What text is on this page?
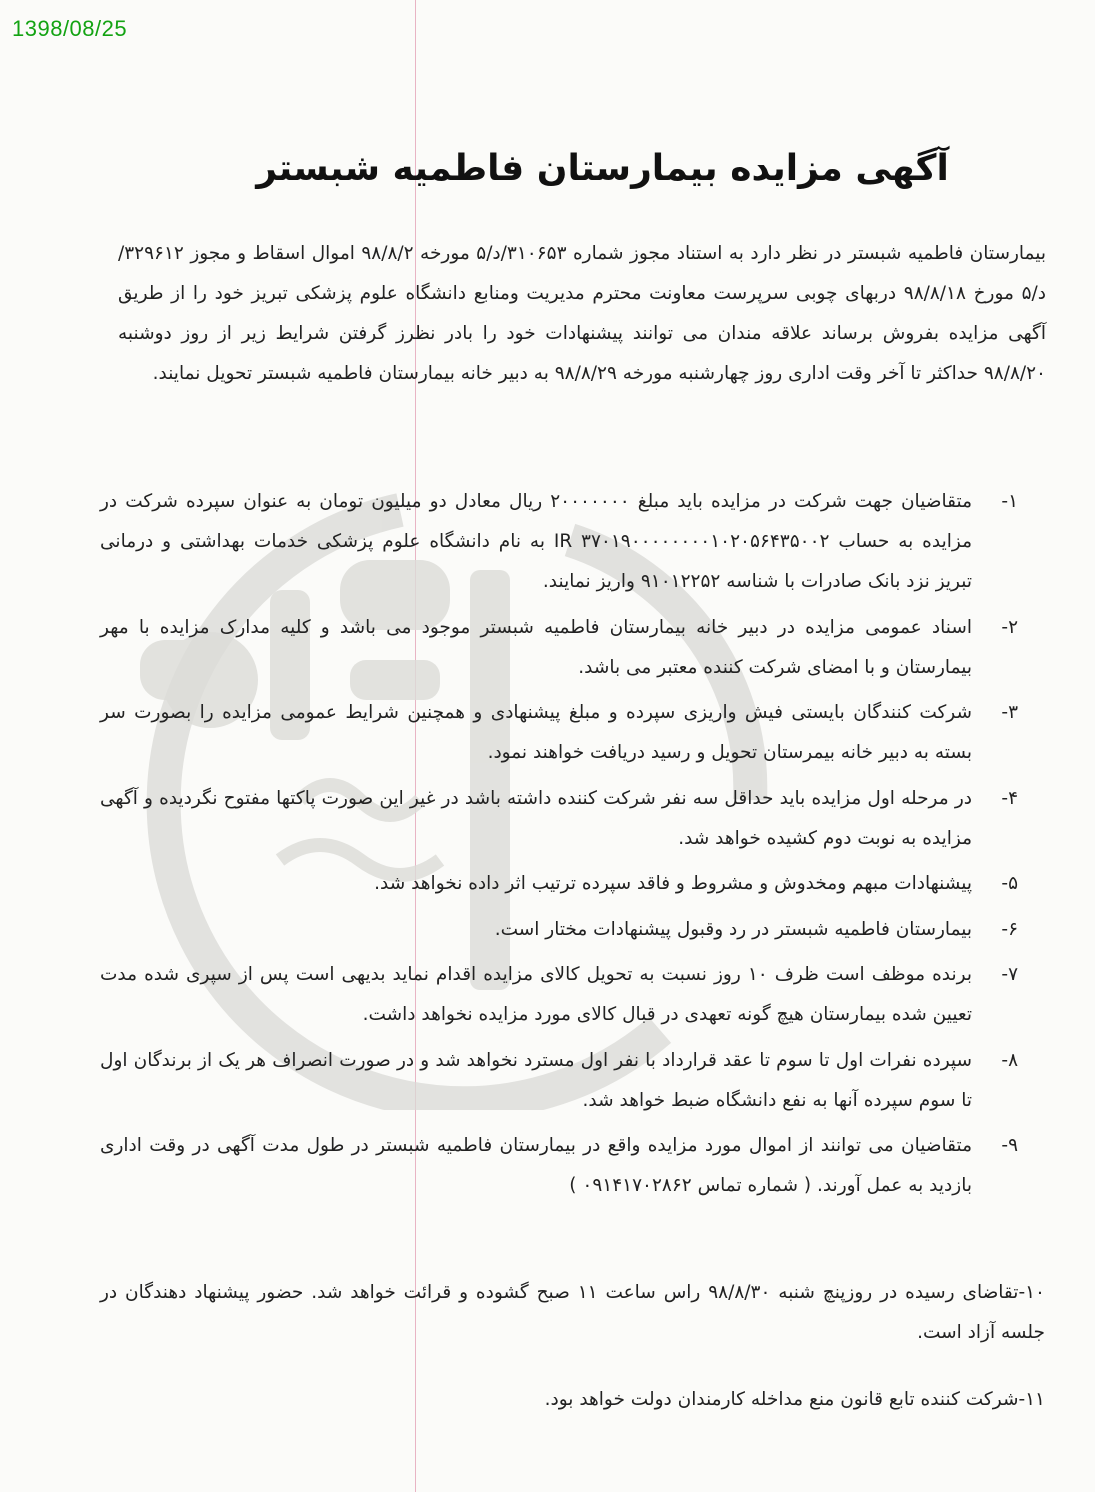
1398/08/25
آگهی مزایده بیمارستان فاطمیه شبستر
بیمارستان فاطمیه شبستر در نظر دارد به استناد مجوز شماره ۳۱۰۶۵۳/د/۵ مورخه ۹۸/۸/۲ اموال اسقاط و مجوز ۳۲۹۶۱۲/د/۵ مورخ ۹۸/۸/۱۸ دربهای چوبی سرپرست معاونت محترم مدیریت ومنابع دانشگاه علوم پزشکی تبریز خود را از طریق آگهی مزایده بفروش برساند علاقه مندان می توانند پیشنهادات خود را بادر نظرز گرفتن شرایط زیر از روز دوشنبه ۹۸/۸/۲۰ حداکثر تا آخر وقت اداری روز چهارشنبه مورخه ۹۸/۸/۲۹ به دبیر خانه بیمارستان فاطمیه شبستر تحویل نمایند.
۱-
متقاضیان جهت شرکت در مزایده باید مبلغ ۲۰۰۰۰۰۰۰ ریال معادل دو میلیون تومان به عنوان سپرده شرکت در مزایده به حساب IR ۳۷۰۱۹۰۰۰۰۰۰۰۰۱۰۲۰۵۶۴۳۵۰۰۲ به نام دانشگاه علوم پزشکی خدمات بهداشتی و درمانی تبریز نزد بانک صادرات با شناسه ۹۱۰۱۲۲۵۲ واریز نمایند.
۲-
اسناد عمومی مزایده در دبیر خانه بیمارستان فاطمیه شبستر موجود می باشد و کلیه مدارک مزایده با مهر بیمارستان و با امضای شرکت کننده معتبر می باشد.
۳-
شرکت کنندگان بایستی فیش واریزی سپرده و مبلغ پیشنهادی و همچنین شرایط عمومی مزایده را بصورت سر بسته به دبیر خانه بیمرستان تحویل و رسید دریافت خواهند نمود.
۴-
در مرحله اول مزایده باید حداقل سه نفر شرکت کننده داشته باشد در غیر این صورت پاکتها مفتوح نگردیده و آگهی مزایده به نوبت دوم کشیده خواهد شد.
۵-
پیشنهادات مبهم ومخدوش و مشروط و فاقد سپرده ترتیب اثر داده نخواهد شد.
۶-
بیمارستان فاطمیه شبستر در رد وقبول پیشنهادات مختار است.
۷-
برنده موظف است ظرف ۱۰ روز نسبت به تحویل کالای مزایده اقدام نماید بدیهی است پس از سپری شده مدت تعیین شده بیمارستان هیچ گونه تعهدی در قبال کالای مورد مزایده نخواهد داشت.
۸-
سپرده نفرات اول تا سوم تا عقد قرارداد با نفر اول مسترد نخواهد شد و در صورت انصراف هر یک از برندگان اول تا سوم سپرده آنها به نفع دانشگاه ضبط خواهد شد.
۹-
متقاضیان می توانند از اموال مورد مزایده واقع در بیمارستان فاطمیه شبستر در طول مدت آگهی در وقت اداری بازدید به عمل آورند. ( شماره تماس ۰۹۱۴۱۷۰۲۸۶۲ )
۱۰-تقاضای رسیده در روزپنچ شنبه ۹۸/۸/۳۰ راس ساعت ۱۱ صبح گشوده و قرائت خواهد شد. حضور پیشنهاد دهندگان در جلسه آزاد است.
۱۱-شرکت کننده تابع قانون منع مداخله کارمندان دولت خواهد بود.
